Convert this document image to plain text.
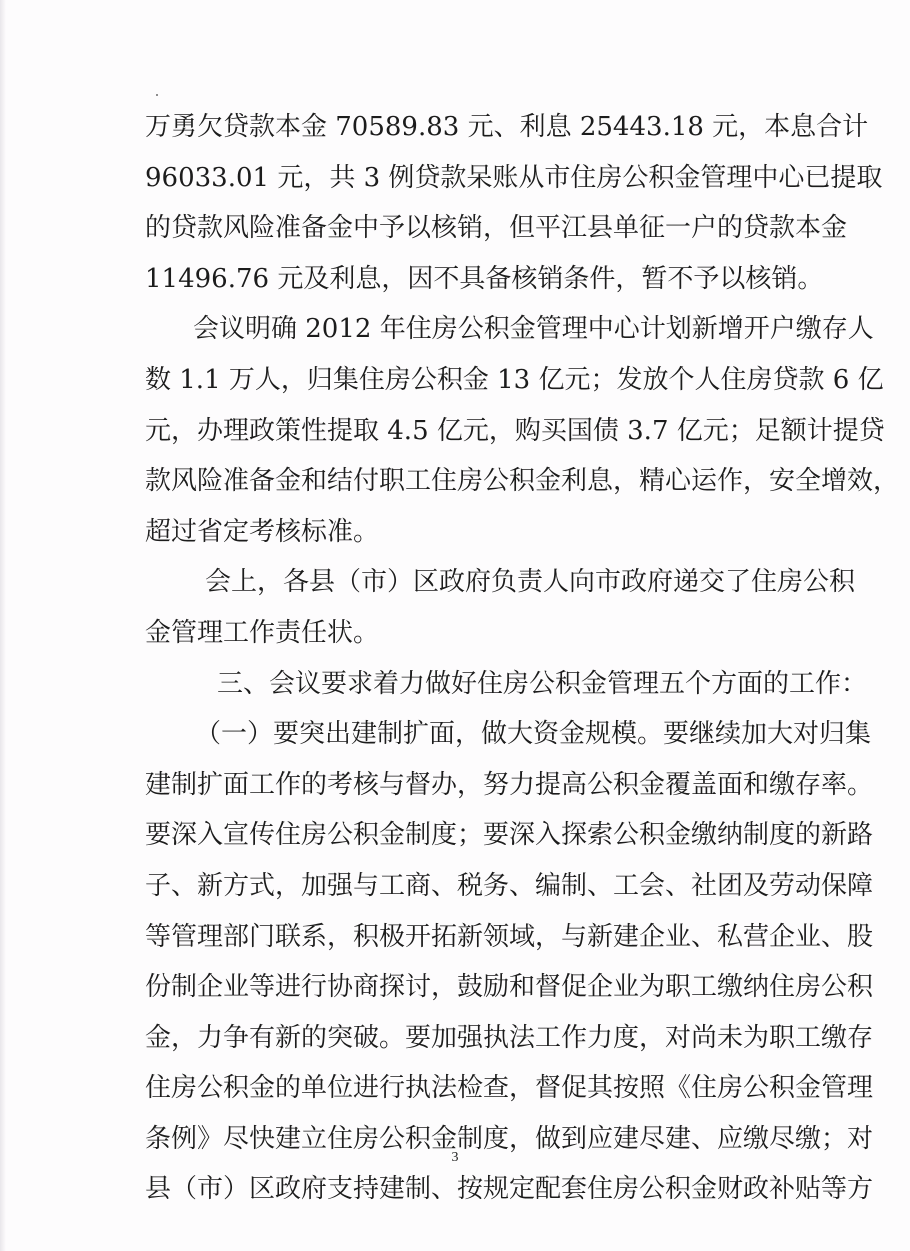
万勇欠贷款本金 70589.83 元、利息 25443.18 元，本息合计
96033.01 元，共 3 例贷款呆账从市住房公积金管理中心已提取
的贷款风险准备金中予以核销，但平江县单征一户的贷款本金
11496.76 元及利息，因不具备核销条件，暂不予以核销。
会议明确 2012 年住房公积金管理中心计划新增开户缴存人
数 1.1 万人，归集住房公积金 13 亿元；发放个人住房贷款 6 亿
元，办理政策性提取 4.5 亿元，购买国债 3.7 亿元；足额计提贷
款风险准备金和结付职工住房公积金利息，精心运作，安全增效，
超过省定考核标准。
会上，各县（市）区政府负责人向市政府递交了住房公积
金管理工作责任状。
三、会议要求着力做好住房公积金管理五个方面的工作：
（一）要突出建制扩面，做大资金规模。要继续加大对归集
建制扩面工作的考核与督办，努力提高公积金覆盖面和缴存率。
要深入宣传住房公积金制度；要深入探索公积金缴纳制度的新路
子、新方式，加强与工商、税务、编制、工会、社团及劳动保障
等管理部门联系，积极开拓新领域，与新建企业、私营企业、股
份制企业等进行协商探讨，鼓励和督促企业为职工缴纳住房公积
金，力争有新的突破。要加强执法工作力度，对尚未为职工缴存
住房公积金的单位进行执法检查，督促其按照《住房公积金管理
条例》尽快建立住房公积金制度，做到应建尽建、应缴尽缴；对
县（市）区政府支持建制、按规定配套住房公积金财政补贴等方
3
